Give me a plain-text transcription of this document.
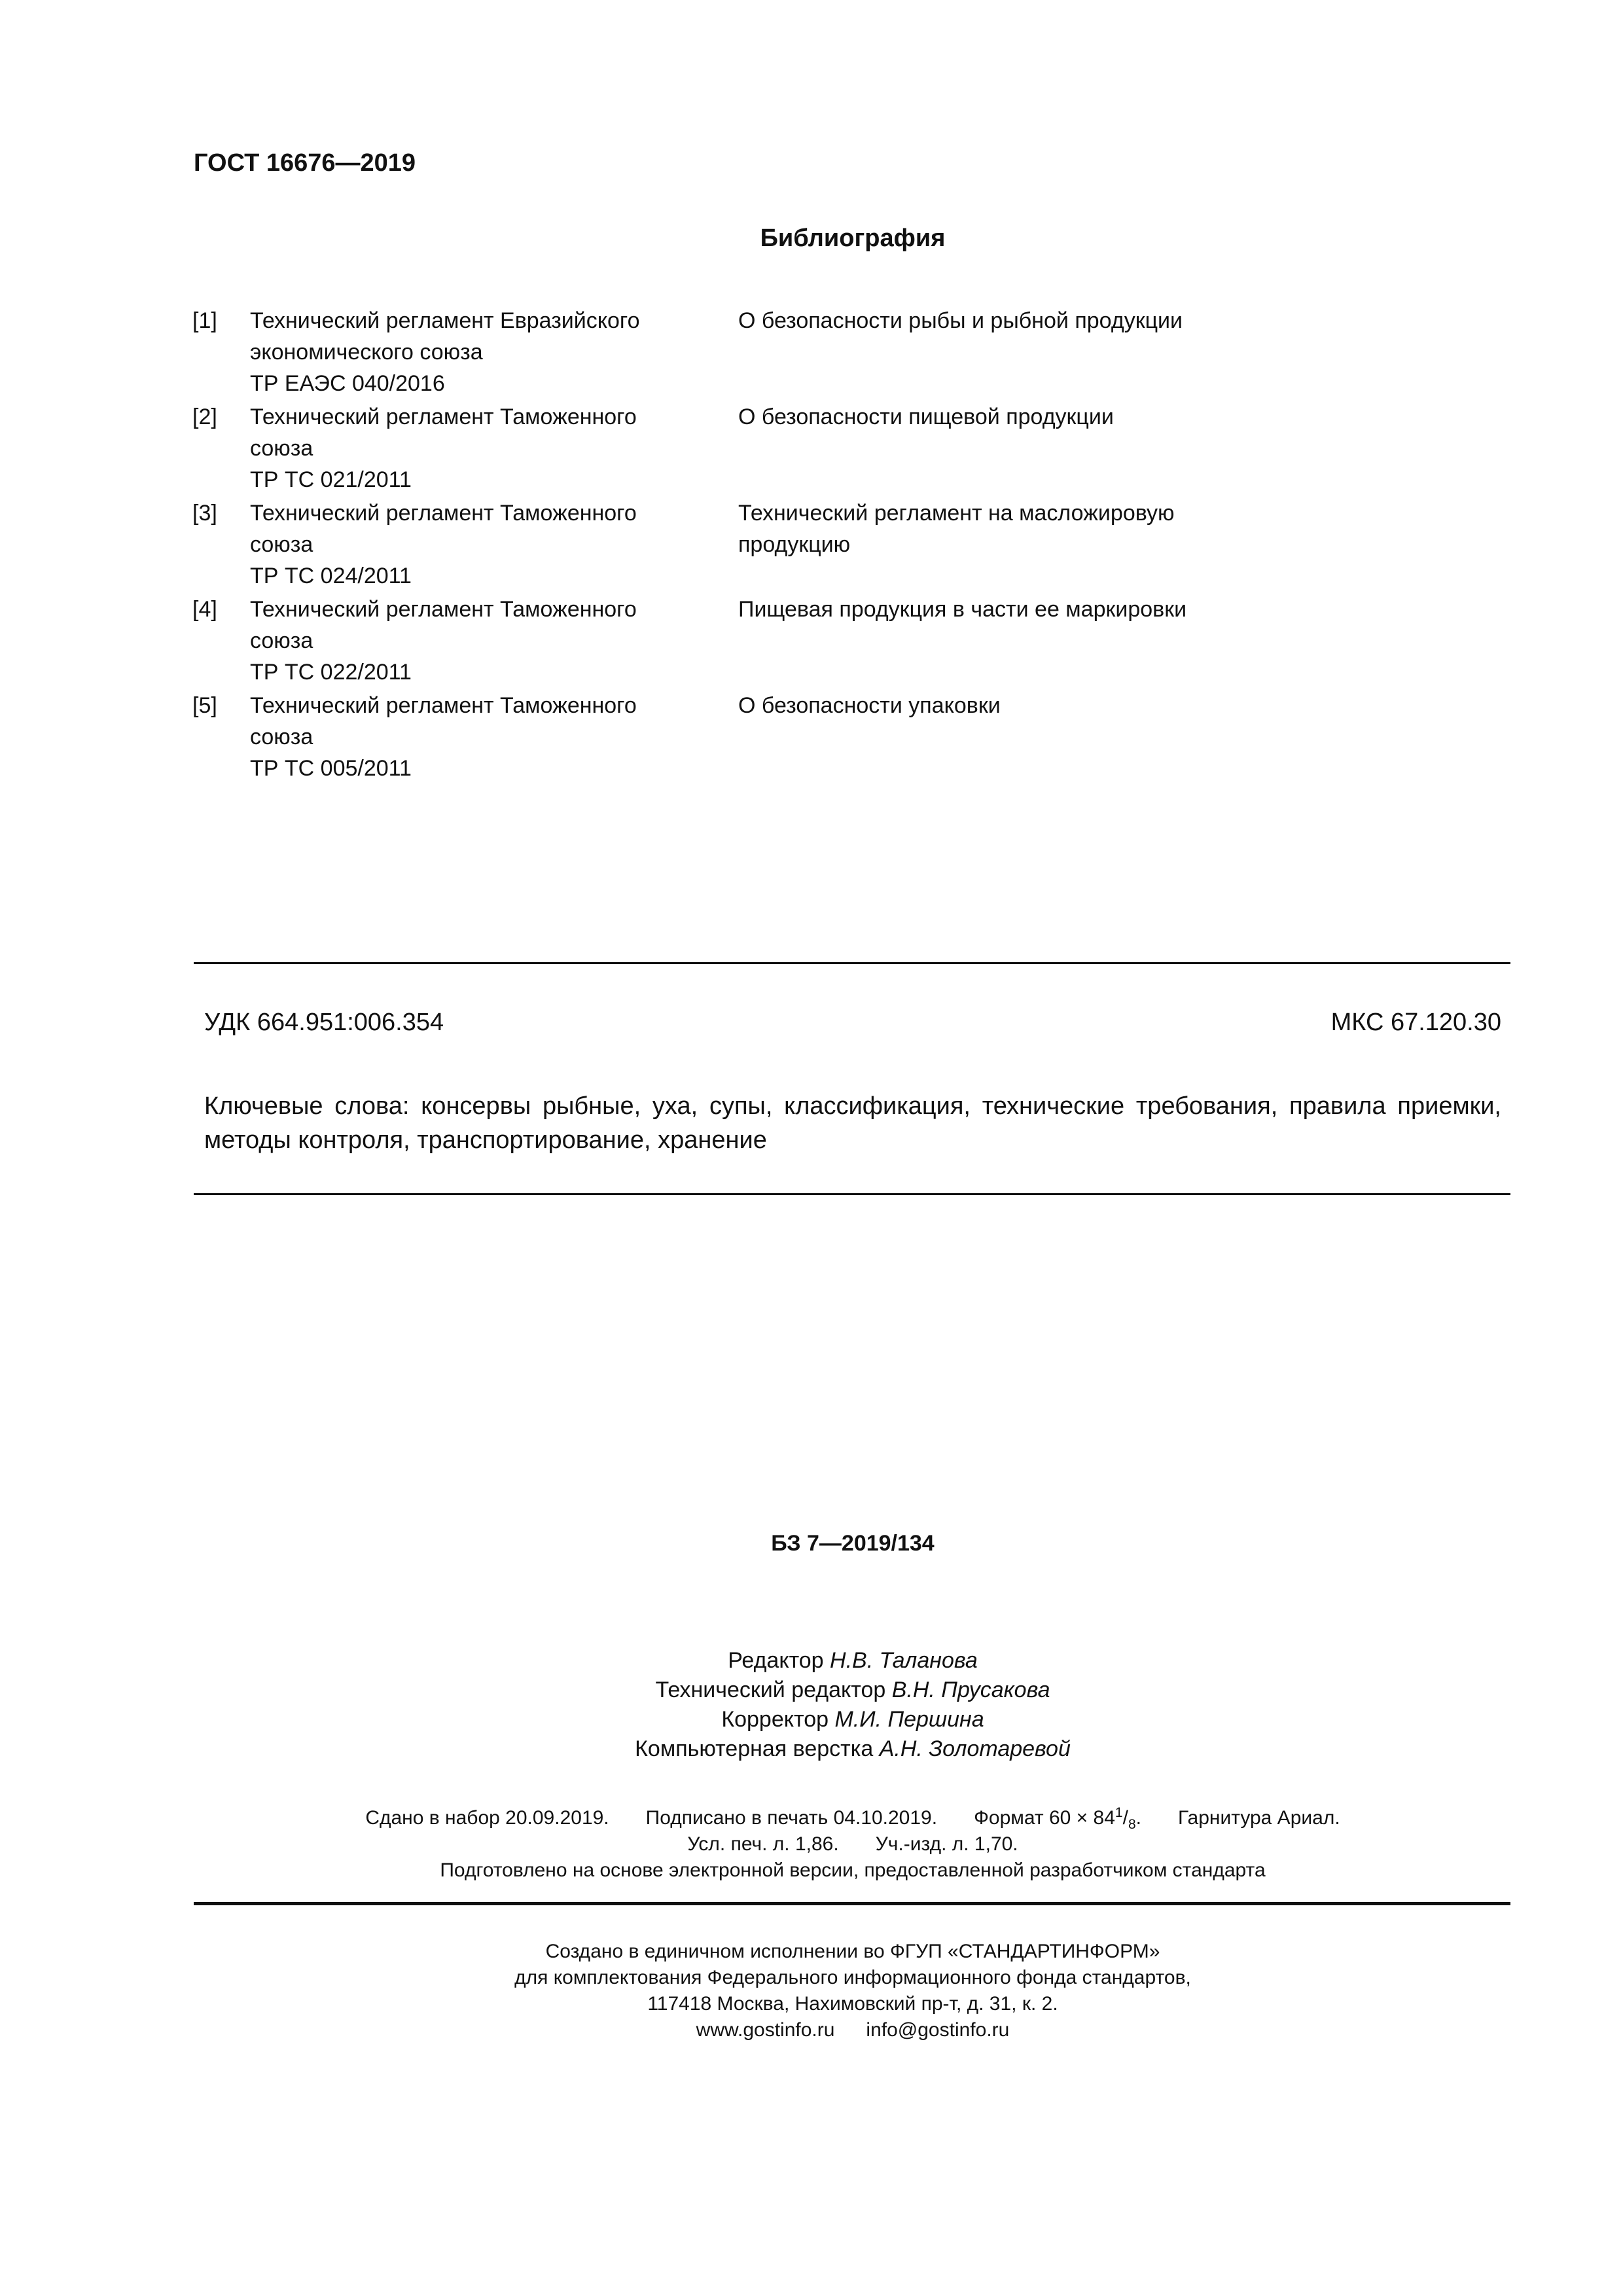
ГОСТ 16676—2019
Библиография
[1] Технический регламент Евразийского
экономического союза
ТР ЕАЭС 040/2016
О безопасности рыбы и рыбной продукции
[2] Технический регламент Таможенного
союза
ТР ТС 021/2011
О безопасности пищевой продукции
[3] Технический регламент Таможенного
союза
ТР ТС 024/2011
Технический регламент на масложировую
продукцию
[4] Технический регламент Таможенного
союза
ТР ТС 022/2011
Пищевая продукция в части ее маркировки
[5] Технический регламент Таможенного
союза
ТР ТС 005/2011
О безопасности упаковки
УДК 664.951:006.354	МКС 67.120.30
Ключевые слова: консервы рыбные, уха, супы, классификация, технические требования, правила приемки, методы контроля, транспортирование, хранение
БЗ 7—2019/134
Редактор Н.В. Таланова
Технический редактор В.Н. Прусакова
Корректор М.И. Першина
Компьютерная верстка А.Н. Золотаревой
Сдано в набор 20.09.2019. Подписано в печать 04.10.2019. Формат $60 \times 84^1/_8$. Гарнитура Ариал.
Усл. печ. л. 1,86. Уч.-изд. л. 1,70.
Подготовлено на основе электронной версии, предоставленной разработчиком стандарта
Создано в единичном исполнении во ФГУП «СТАНДАРТИНФОРМ»
для комплектования Федерального информационного фонда стандартов,
117418 Москва, Нахимовский пр-т, д. 31, к. 2.
www.gostinfo.ru info@gostinfo.ru
